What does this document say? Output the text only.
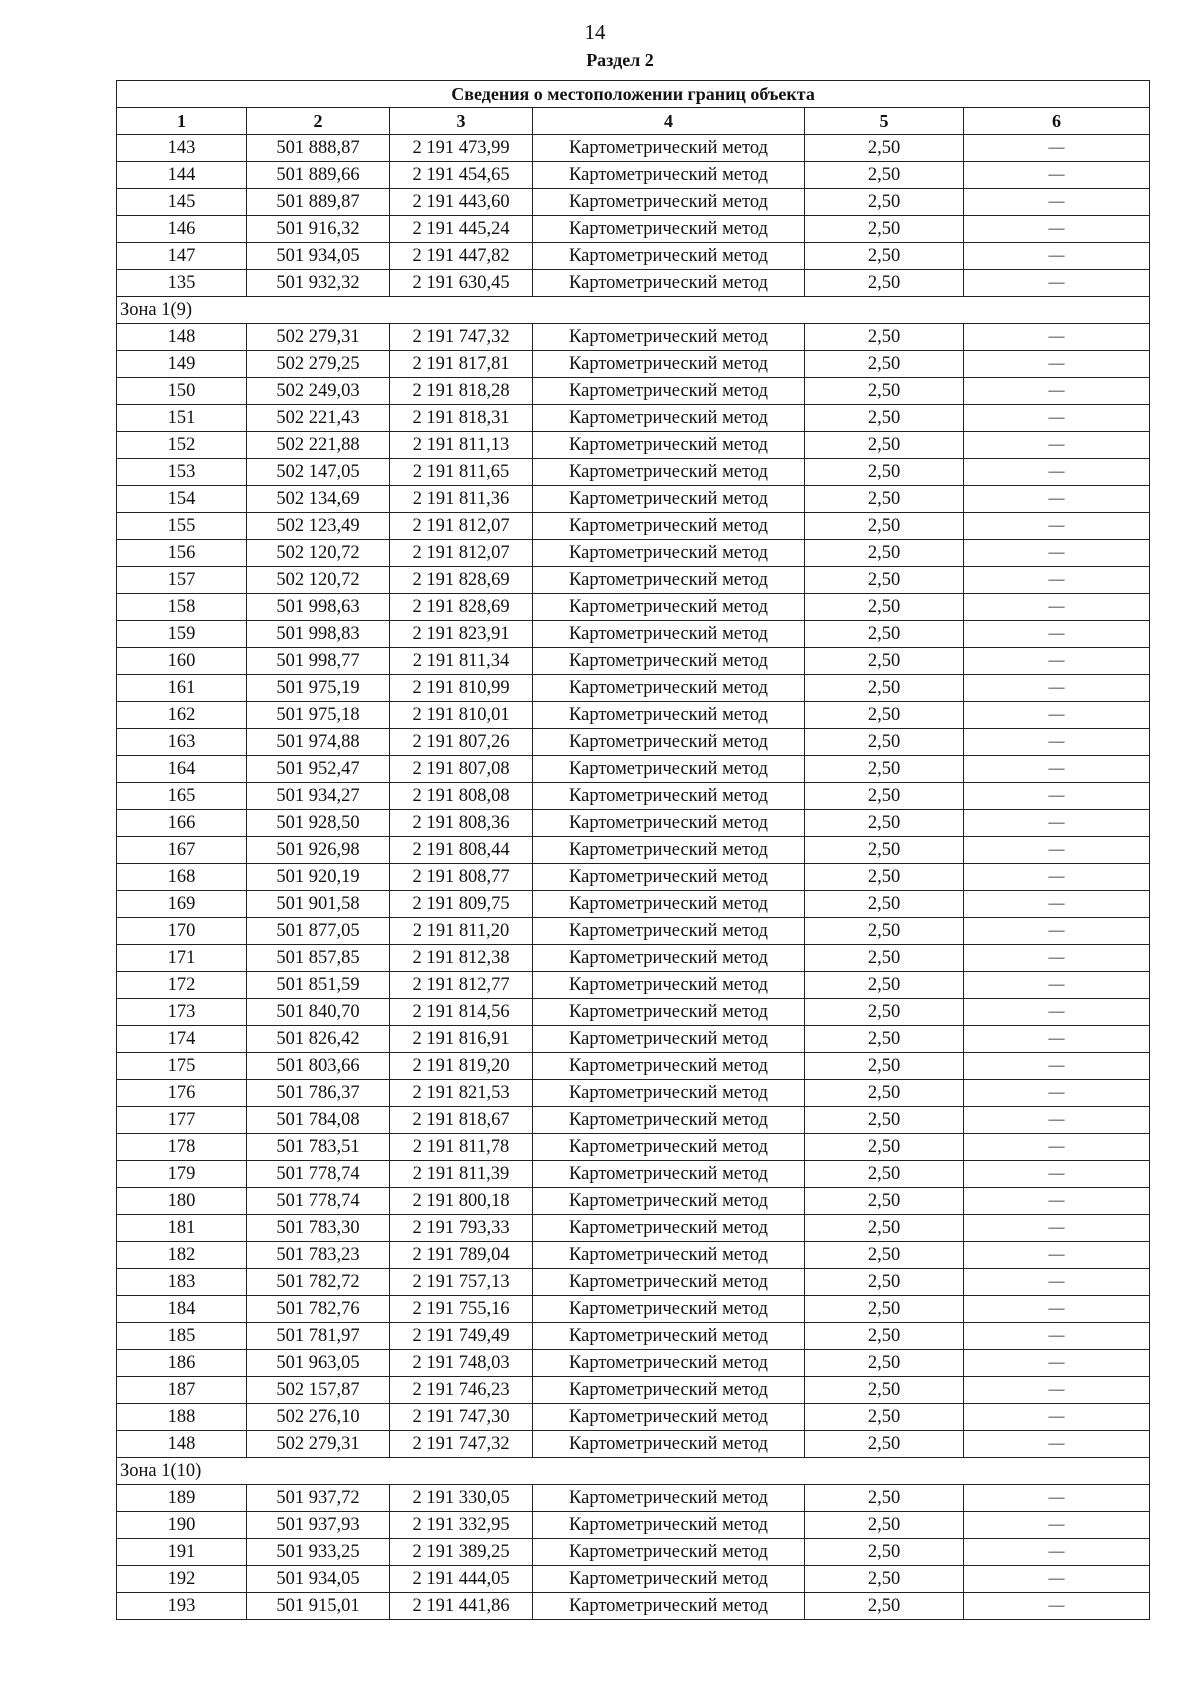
14
Раздел 2
Сведения о местоположении границ объекта					
1	2	3	4	5	6
143	501 888,87	2 191 473,99	Картометрический метод	2,50	—
144	501 889,66	2 191 454,65	Картометрический метод	2,50	—
145	501 889,87	2 191 443,60	Картометрический метод	2,50	—
146	501 916,32	2 191 445,24	Картометрический метод	2,50	—
147	501 934,05	2 191 447,82	Картометрический метод	2,50	—
135	501 932,32	2 191 630,45	Картометрический метод	2,50	—
Зона 1(9)					
148	502 279,31	2 191 747,32	Картометрический метод	2,50	—
149	502 279,25	2 191 817,81	Картометрический метод	2,50	—
150	502 249,03	2 191 818,28	Картометрический метод	2,50	—
151	502 221,43	2 191 818,31	Картометрический метод	2,50	—
152	502 221,88	2 191 811,13	Картометрический метод	2,50	—
153	502 147,05	2 191 811,65	Картометрический метод	2,50	—
154	502 134,69	2 191 811,36	Картометрический метод	2,50	—
155	502 123,49	2 191 812,07	Картометрический метод	2,50	—
156	502 120,72	2 191 812,07	Картометрический метод	2,50	—
157	502 120,72	2 191 828,69	Картометрический метод	2,50	—
158	501 998,63	2 191 828,69	Картометрический метод	2,50	—
159	501 998,83	2 191 823,91	Картометрический метод	2,50	—
160	501 998,77	2 191 811,34	Картометрический метод	2,50	—
161	501 975,19	2 191 810,99	Картометрический метод	2,50	—
162	501 975,18	2 191 810,01	Картометрический метод	2,50	—
163	501 974,88	2 191 807,26	Картометрический метод	2,50	—
164	501 952,47	2 191 807,08	Картометрический метод	2,50	—
165	501 934,27	2 191 808,08	Картометрический метод	2,50	—
166	501 928,50	2 191 808,36	Картометрический метод	2,50	—
167	501 926,98	2 191 808,44	Картометрический метод	2,50	—
168	501 920,19	2 191 808,77	Картометрический метод	2,50	—
169	501 901,58	2 191 809,75	Картометрический метод	2,50	—
170	501 877,05	2 191 811,20	Картометрический метод	2,50	—
171	501 857,85	2 191 812,38	Картометрический метод	2,50	—
172	501 851,59	2 191 812,77	Картометрический метод	2,50	—
173	501 840,70	2 191 814,56	Картометрический метод	2,50	—
174	501 826,42	2 191 816,91	Картометрический метод	2,50	—
175	501 803,66	2 191 819,20	Картометрический метод	2,50	—
176	501 786,37	2 191 821,53	Картометрический метод	2,50	—
177	501 784,08	2 191 818,67	Картометрический метод	2,50	—
178	501 783,51	2 191 811,78	Картометрический метод	2,50	—
179	501 778,74	2 191 811,39	Картометрический метод	2,50	—
180	501 778,74	2 191 800,18	Картометрический метод	2,50	—
181	501 783,30	2 191 793,33	Картометрический метод	2,50	—
182	501 783,23	2 191 789,04	Картометрический метод	2,50	—
183	501 782,72	2 191 757,13	Картометрический метод	2,50	—
184	501 782,76	2 191 755,16	Картометрический метод	2,50	—
185	501 781,97	2 191 749,49	Картометрический метод	2,50	—
186	501 963,05	2 191 748,03	Картометрический метод	2,50	—
187	502 157,87	2 191 746,23	Картометрический метод	2,50	—
188	502 276,10	2 191 747,30	Картометрический метод	2,50	—
148	502 279,31	2 191 747,32	Картометрический метод	2,50	—
Зона 1(10)					
189	501 937,72	2 191 330,05	Картометрический метод	2,50	—
190	501 937,93	2 191 332,95	Картометрический метод	2,50	—
191	501 933,25	2 191 389,25	Картометрический метод	2,50	—
192	501 934,05	2 191 444,05	Картометрический метод	2,50	—
193	501 915,01	2 191 441,86	Картометрический метод	2,50	—
